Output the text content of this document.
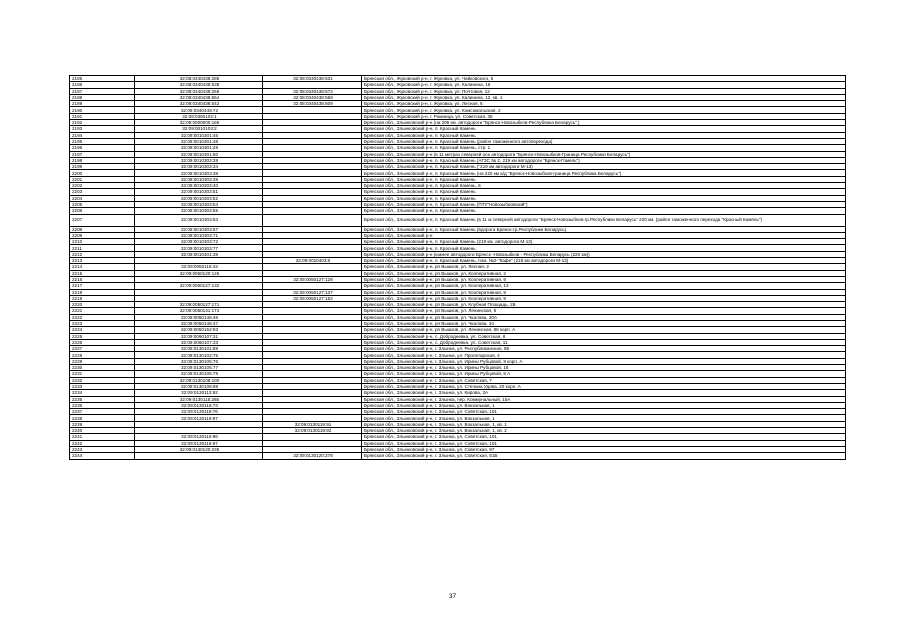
2185	32:08:0340438:285	32:08:0340438:531	Брянская обл., Жуковский р-н, г. Жуковка, ул. Чайковского, 5
2186	32:08:0340438:538		Брянская обл., Жуковский р-н, г. Жуковка, ул. Калинина, 16
2187	32:08:0340438:256	32:08:0340438:572	Брянская обл., Жуковский р-н, г. Жуковка, ул. Почтовая, 12
2188	32:08:0340438:554	32:08:0340438:569	Брянская обл., Жуковский р-н, г. Жуковка, ул. Калинина, 12, кв. 1
2189	32:08:0340438:542	32:08:0340438:609	Брянская обл., Жуковский р-н, г. Жуковка, ул. Лесная, 6
2190	32:08:0340449:72		Брянская обл., Жуковский р-н, г. Жуковка, ул. Комсомольская, 2
2191	32:08:0360102:1		Брянская обл., Жуковский р-н, г. Ржаница, ул. Советская, 35
2192	32:09:0000000:166		Брянская обл., Злынковский р-н (на 209 км. автодороги "Брянск-Новозыбков-Республика Беларусь".)
2193	32:09:0010103:2		Брянская обл., Злынковский р-н, п. Красный Камень
2194	32:09:0010301:46		Брянская обл., Злынковский р-н, п. Красный Камень
2195	32:09:0010301:48		Брянская обл., Злынковский р-н, п. Красный Камень (район таможенного автоперехода)
2196	32:09:0010301:49		Брянская обл., Злынковский р-н, п. Красный Камень, стр. 1
2197	32:09:0010301:50		Брянская обл., Злынковский р-н (в 11 метрах северней оси автодороги "Брянск-Новозыбков-Граница Республики Беларусь")
2198	32:09:0010303:28		Брянская обл., Злынковский р-н, п. Красный Камень (АГЗС № 2, 219 км автодороги "Брянск-Гомель")
2199	32:09:0010303:34		Брянская обл., Злынковский р-н, п. Красный Камень ("219 км автодороги М-13)
2200	32:09:0010303:38		Брянская обл., Злынковский р-н, п. Красный Камень (на 220 км а/д "Брянск-Новозыбков-граница Республика Беларусь")
2201	32:09:0010303:39		Брянская обл., Злынковский р-н, п. Красный Камень
2202	32:09:0010303:40		Брянская обл., Злынковский р-н, п. Красный Камень, 6
2203	32:09:0010303:51		Брянская обл., Злынковский р-н, п. Красный Камень
2204	32:09:0010303:52		Брянская обл., Злынковский р-н, п. Красный Камень
2205	32:09:0010303:54		Брянская обл., Злынковский р-н, п. Красный Камень (ПТУ"Новозыбковский")
2206	32:09:0010303:55		Брянская обл., Злынковский р-н, п. Красный Камень
2207	32:09:0010303:63		Брянская обл., Злынковский р-н, п. Красный Камень (в 11 м северней автодороги "Брянск-Новозыбков-гр.Республики Беларусь" 220 км. (район таможенного перехода "Красный Камень")
2208	32:09:0010303:67		Брянская обл., Злынковский р-н, п. Красный Камень (вдорога Брянск-гр.Республики Беларусь)
2209	32:09:0010303:71		Брянская обл., Злынковский р-н
2210	32:09:0010303:72		Брянская обл., Злынковский р-н, п. Красный Камень (219 км. автодороги М-13)
2211	32:09:0010303:77		Брянская обл., Злынковский р-н, п. Красный Камень
2212	32:09:0010401:38		Брянская обл., Злынковский р-н (южнее автодороги Брянск -Новозыбков - Республика Беларусь (220 км))
2213		32:09:0010403:6	Брянская обл., Злынковский р-н, п. Красный Камень, пом. №2-"Кафе" (219 км автодороги М-13)
2214	32:09:0050119:43		Брянская обл., Злынковский р-н, рп Вышков, ул. Лесная, 2
2215	32:09:0050120:126		Брянская обл., Злынковский р-н, рп Вышков, ул. Кооперативная, 2
2216		32:09:0050127:128	Брянская обл., Злынковский р-н, рп Вышков, ул. Кооперативная, 9
2217	32:09:0050127:132		Брянская обл., Злынковский р-н, рп Вышков, ул. Кооперативная, 13
2218		32:09:0050127:137	Брянская обл., Злынковский р-н, рп Вышков, ул. Кооперативная, 9
2219		32:09:0050127:152	Брянская обл., Злынковский р-н, рп Вышков, ул. Кооперативная, 9
2220	32:09:0050127:171		Брянская обл., Злынковский р-н, рп Вышков, ул. Клубная Площадь, 2Б
2221	32:09:0050141:174		Брянская обл., Злынковский р-н, рп Вышков, ул. Ленинская, 6
2222	32:09:0050148:46		Брянская обл., Злынковский р-н, рп Вышков, ул. Чкалова, 20А
2223	32:09:0050148:47		Брянская обл., Злынковский р-н, рп Вышков, ул. Чкалова, 34
2224	32:09:0050152:93		Брянская обл., Злынковский р-н, рп Вышков, ул. Ленинская, 88 корп. А
2225	32:09:0060107:31		Брянская обл., Злынковский р-н, с. Добродеевка, ул. Советская, 8
2226	32:09:0060107:33		Брянская обл., Злынковский р-н, с. Добродеевка, ул. Советская, 11
2227	32:09:0130101:89		Брянская обл., Злынковский р-н, г. Злынка, ул. Республиканская, 88
2228	32:09:0130102:75		Брянская обл., Злынковский р-н, г. Злынка, ул. Пролетарская, 4
2229	32:09:0130105:76		Брянская обл., Злынковский р-н, г. Злынка, ул. Ирины Рубцовой, 8 корп. А
2230	32:09:0130105:77		Брянская обл., Злынковский р-н, г. Злынка, ул. Ирины Рубцовой, 16
2231	32:09:0130105:79		Брянская обл., Злынковский р-н, г. Злынка, ул. Ирины Рубцовой, 8 А
2232	32:09:0130108:100		Брянская обл., Злынковский р-н, г. Злынка, ул. Советская, 7
2233	32:09:0130108:89		Брянская обл., Злынковский р-н, г. Злынка, ул. Степана Удова, 20 корп. А
2234	32:09:0130113:92		Брянская обл., Злынковский р-н, г. Злынка, ул. Кирова, 3А
2235	32:09:0130115:265		Брянская обл., Злынковский р-н, г. Злынка, пер. Коммунальный, 15А
2236	32:09:0130119:73		Брянская обл., Злынковский р-н, г. Злынка, ул. Вокзальная, 1
2237	32:09:0130119:76		Брянская обл., Злынковский р-н, г. Злынка, ул. Советская, 101
2238	32:09:0130119:87		Брянская обл., Злынковский р-н, г. Злынка, ул. Вокзальная, 1
2239		32:09:0130119:91	Брянская обл., Злынковский р-н, г. Злынка, ул. Вокзальная, 1, кв. 1
2240		32:09:0130119:92	Брянская обл., Злынковский р-н, г. Злынка, ул. Вокзальная, 1, кв. 2
2241	32:09:0130119:96		Брянская обл., Злынковский р-н, г. Злынка, ул. Советская, 101
2242	32:09:0130119:97		Брянская обл., Злынковский р-н, г. Злынка, ул. Советская, 101
2243	32:09:0130120:235		Брянская обл., Злынковский р-н, г. Злынка, ул. Советская, 97
2244		32:09:0130120:278	Брянская обл., Злынковский р-н, г. Злынка, ул. Советская, 51Б
37
